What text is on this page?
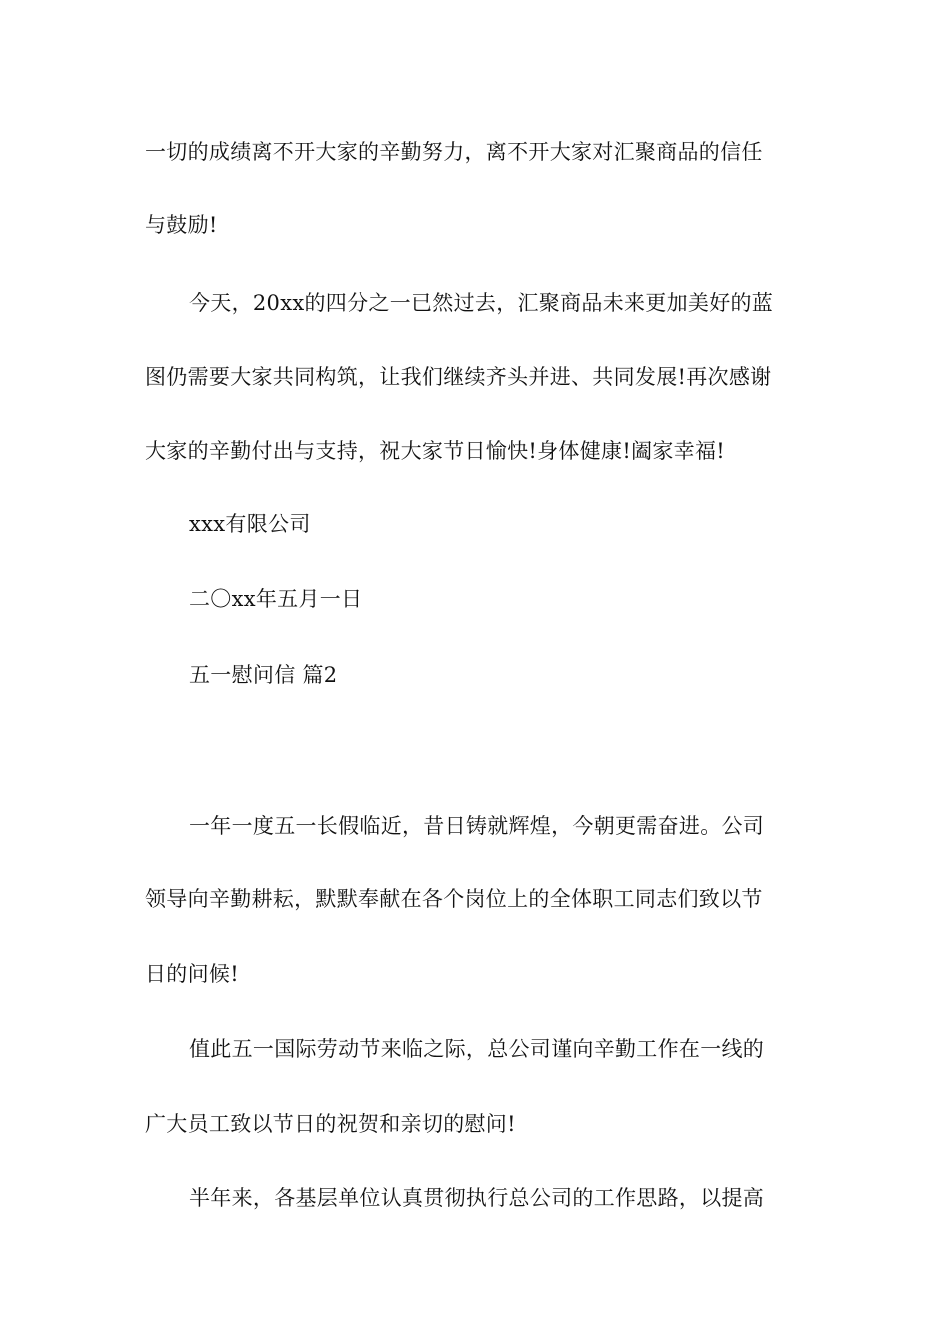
一切的成绩离不开大家的辛勤努力，离不开大家对汇聚商品的信任
与鼓励!
今天，20xx的四分之一已然过去，汇聚商品未来更加美好的蓝
图仍需要大家共同构筑，让我们继续齐头并进、共同发展!再次感谢
大家的辛勤付出与支持，祝大家节日愉快!身体健康!阖家幸福!
xxx有限公司
二〇xx年五月一日
五一慰问信 篇2
一年一度五一长假临近，昔日铸就辉煌，今朝更需奋进。公司
领导向辛勤耕耘，默默奉献在各个岗位上的全体职工同志们致以节
日的问候!
值此五一国际劳动节来临之际，总公司谨向辛勤工作在一线的
广大员工致以节日的祝贺和亲切的慰问!
半年来，各基层单位认真贯彻执行总公司的工作思路，以提高
